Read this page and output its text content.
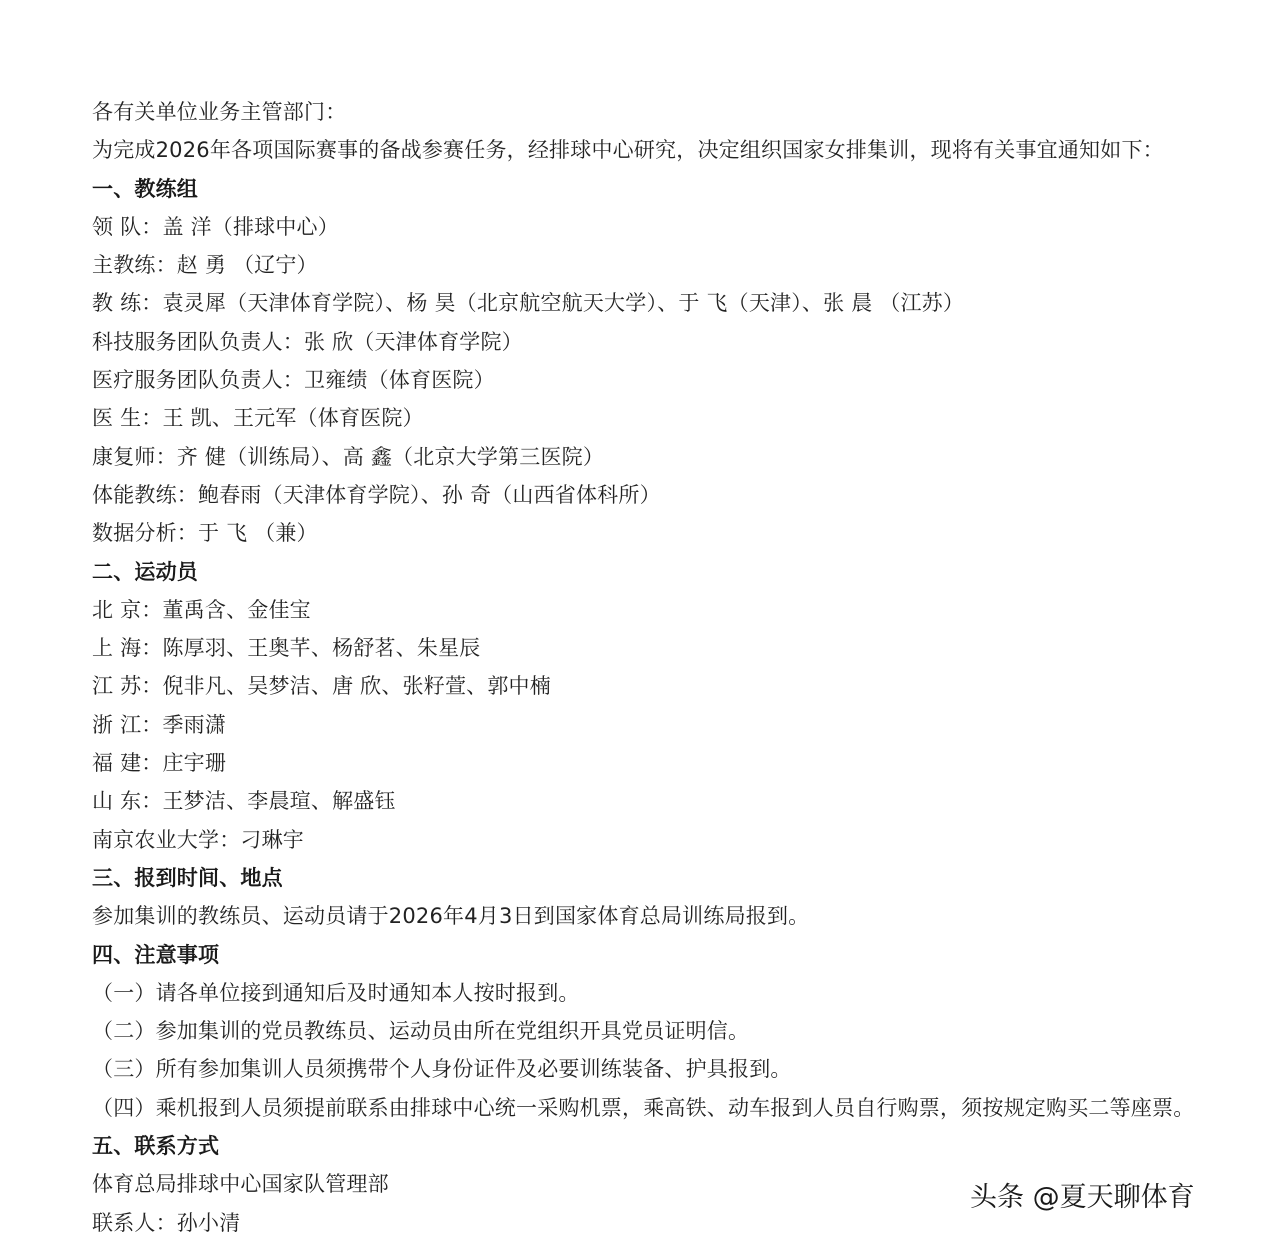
各有关单位业务主管部门：
为完成2026年各项国际赛事的备战参赛任务，经排球中心研究，决定组织国家女排集训，现将有关事宜通知如下：
一、教练组
领 队：盖 洋（排球中心）
主教练：赵 勇 （辽宁）
教 练：袁灵犀（天津体育学院）、杨 昊（北京航空航天大学）、于 飞（天津）、张 晨 （江苏）
科技服务团队负责人：张 欣（天津体育学院）
医疗服务团队负责人：卫雍绩（体育医院）
医 生：王 凯、王元军（体育医院）
康复师：齐 健（训练局）、高 鑫（北京大学第三医院）
体能教练：鲍春雨（天津体育学院）、孙 奇（山西省体科所）
数据分析：于 飞 （兼）
二、运动员
北 京：董禹含、金佳宝
上 海：陈厚羽、王奥芊、杨舒茗、朱星辰
江 苏：倪非凡、吴梦洁、唐 欣、张籽萱、郭中楠
浙 江：季雨潇
福 建：庄宇珊
山 东：王梦洁、李晨瑄、解盛钰
南京农业大学：刁琳宇
三、报到时间、地点
参加集训的教练员、运动员请于2026年4月3日到国家体育总局训练局报到。
四、注意事项
（一）请各单位接到通知后及时通知本人按时报到。
（二）参加集训的党员教练员、运动员由所在党组织开具党员证明信。
（三）所有参加集训人员须携带个人身份证件及必要训练装备、护具报到。
（四）乘机报到人员须提前联系由排球中心统一采购机票，乘高铁、动车报到人员自行购票，须按规定购买二等座票。
五、联系方式
体育总局排球中心国家队管理部
联系人：孙小清
头条 @夏天聊体育
